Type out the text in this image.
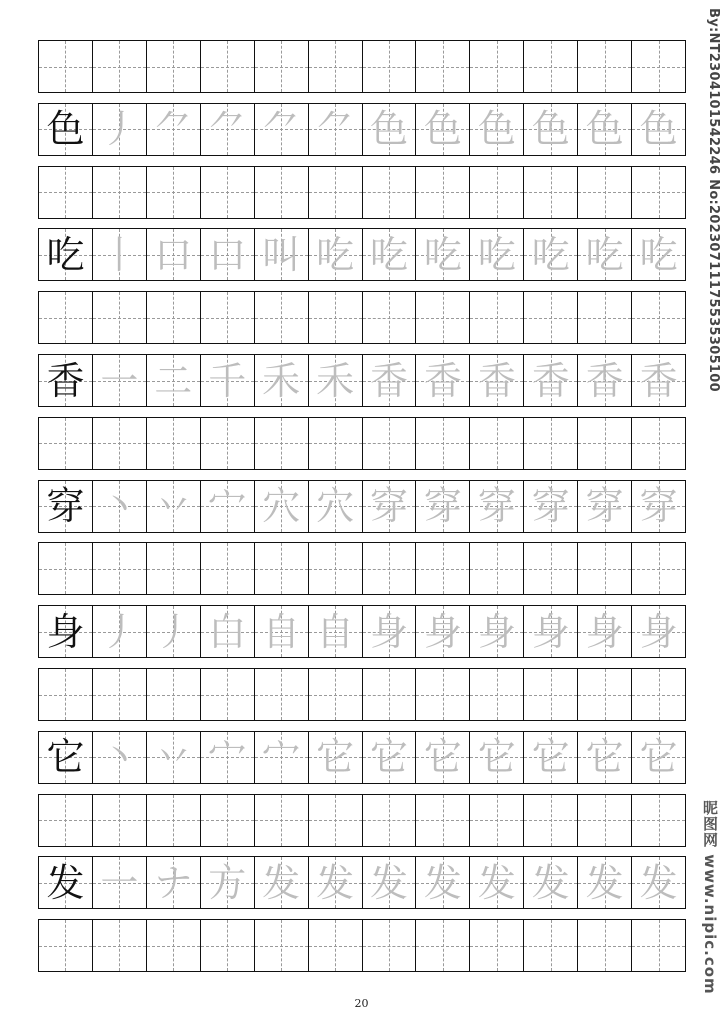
色 丿 ⺈ ⺈ ⺈ ⺈ 色 色 色 色 色 色
吃 丨 口 口 叫 吃 吃 吃 吃 吃 吃 吃
香 一 二 千 禾 禾 香 香 香 香 香 香
穿 丶 丷 宀 穴 穴 穿 穿 穿 穿 穿 穿
身 丿 丿 白 自 自 身 身 身 身 身 身
它 丶 丷 宀 宀 它 它 它 它 它 它 它
发 一 ナ 方 发 发 发 发 发 发 发 发
20
By:NT2304101542246 No:20230711175535305100
昵图网 www.nipic.com
